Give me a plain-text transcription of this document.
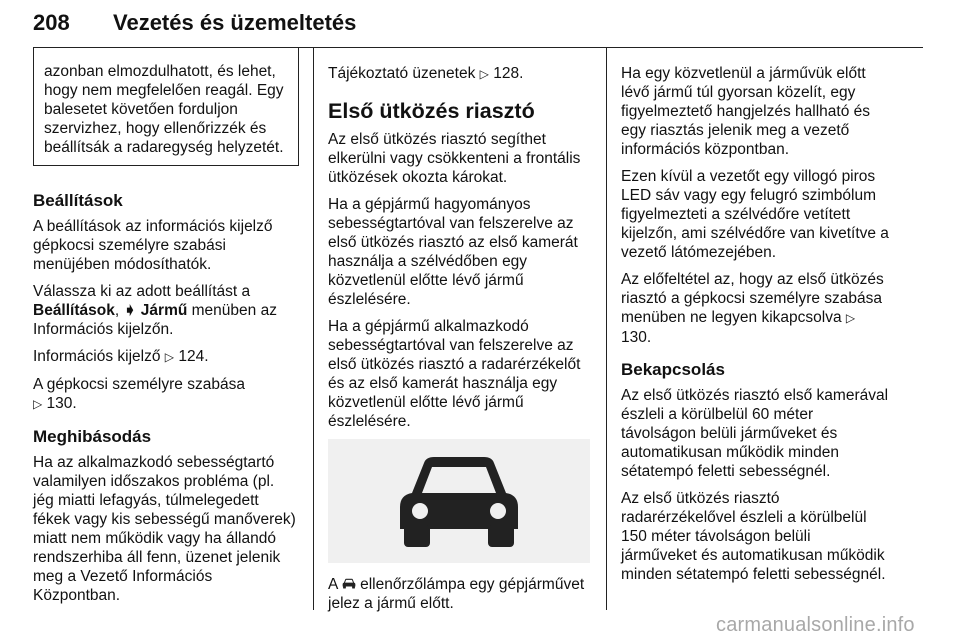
208 Vezetés és üzemeltetés
azonban elmozdulhatott, és lehet, hogy nem megfelelően reagál. Egy balesetet követően forduljon szervizhez, hogy ellenőrizzék és beállítsák a radaregység helyzetét.
Beállítások

A beállítások az információs kijelző gépkocsi személyre szabási menüjében módosíthatók.

Válassza ki az adott beállítást a Beállítások, ➧ Jármű menüben az Információs kijelzőn.

Információs kijelző ▷ 124.

A gépkocsi személyre szabása
▷ 130.

Meghibásodás

Ha az alkalmazkodó sebességtartó valamilyen időszakos probléma (pl. jég miatti lefagyás, túlmelegedett fékek vagy kis sebességű manőverek) miatt nem működik vagy ha állandó rendszerhiba áll fenn, üzenet jelenik meg a Vezető Információs Központban.

Tájékoztató üzenetek ▷ 128.

Első ütközés riasztó

Az első ütközés riasztó segíthet elkerülni vagy csökkenteni a frontális ütközések okozta károkat.

Ha a gépjármű hagyományos sebességtartóval van felszerelve az első ütközés riasztó az első kamerát használja a szélvédőben egy közvetlenül előtte lévő jármű észlelésére.

Ha a gépjármű alkalmazkodó sebességtartóval van felszerelve az első ütközés riasztó a radarérzékelőt és az első kamerát használja egy közvetlenül előtte lévő jármű észlelésére.

A  ellenőrzőlámpa egy gépjárművet jelez a jármű előtt.

Ha egy közvetlenül a járművük előtt lévő jármű túl gyorsan közelít, egy figyelmeztető hangjelzés hallható és egy riasztás jelenik meg a vezető információs központban.

Ezen kívül a vezetőt egy villogó piros LED sáv vagy egy felugró szimbólum figyelmezteti a szélvédőre vetített kijelzőn, ami szélvédőre van kivetítve a vezető látómezejében.

Az előfeltétel az, hogy az első ütközés riasztó a gépkocsi személyre szabása menüben ne legyen kikapcsolva ▷ 130.

Bekapcsolás

Az első ütközés riasztó első kamerával észleli a körülbelül 60 méter távolságon belüli járműveket és automatikusan működik minden sétatempó feletti sebességnél.

Az első ütközés riasztó radarérzékelővel észleli a körülbelül 150 méter távolságon belüli járműveket és automatikusan működik minden sétatempó feletti sebességnél.

carmanualsonline.info
